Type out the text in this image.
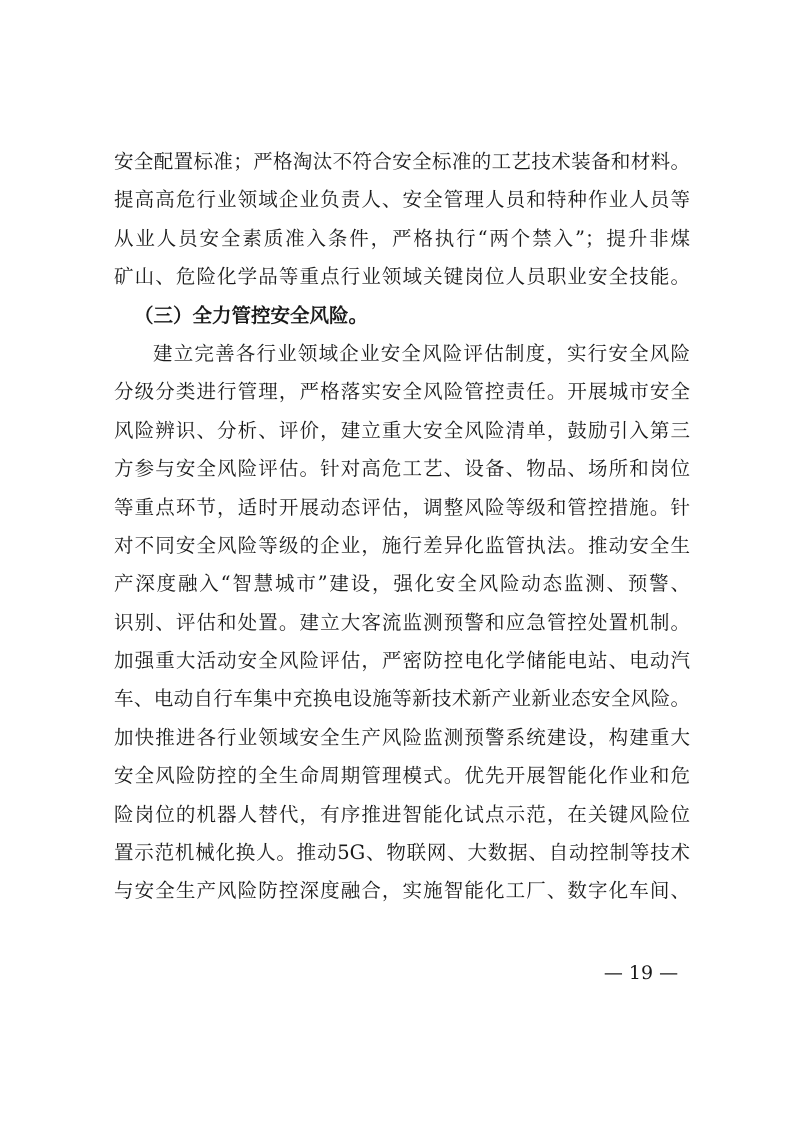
安全配置标准；严格淘汰不符合安全标准的工艺技术装备和材料。
提高高危行业领域企业负责人、安全管理人员和特种作业人员等
从业人员安全素质准入条件，严格执行“两个禁入”；提升非煤
矿山、危险化学品等重点行业领域关键岗位人员职业安全技能。
（三）全力管控安全风险。
建立完善各行业领域企业安全风险评估制度，实行安全风险
分级分类进行管理，严格落实安全风险管控责任。开展城市安全
风险辨识、分析、评价，建立重大安全风险清单，鼓励引入第三
方参与安全风险评估。针对高危工艺、设备、物品、场所和岗位
等重点环节，适时开展动态评估，调整风险等级和管控措施。针
对不同安全风险等级的企业，施行差异化监管执法。推动安全生
产深度融入“智慧城市”建设，强化安全风险动态监测、预警、
识别、评估和处置。建立大客流监测预警和应急管控处置机制。
加强重大活动安全风险评估，严密防控电化学储能电站、电动汽
车、电动自行车集中充换电设施等新技术新产业新业态安全风险。
加快推进各行业领域安全生产风险监测预警系统建设，构建重大
安全风险防控的全生命周期管理模式。优先开展智能化作业和危
险岗位的机器人替代，有序推进智能化试点示范，在关键风险位
置示范机械化换人。推动5G、物联网、大数据、自动控制等技术
与安全生产风险防控深度融合，实施智能化工厂、数字化车间、
— 19 —
